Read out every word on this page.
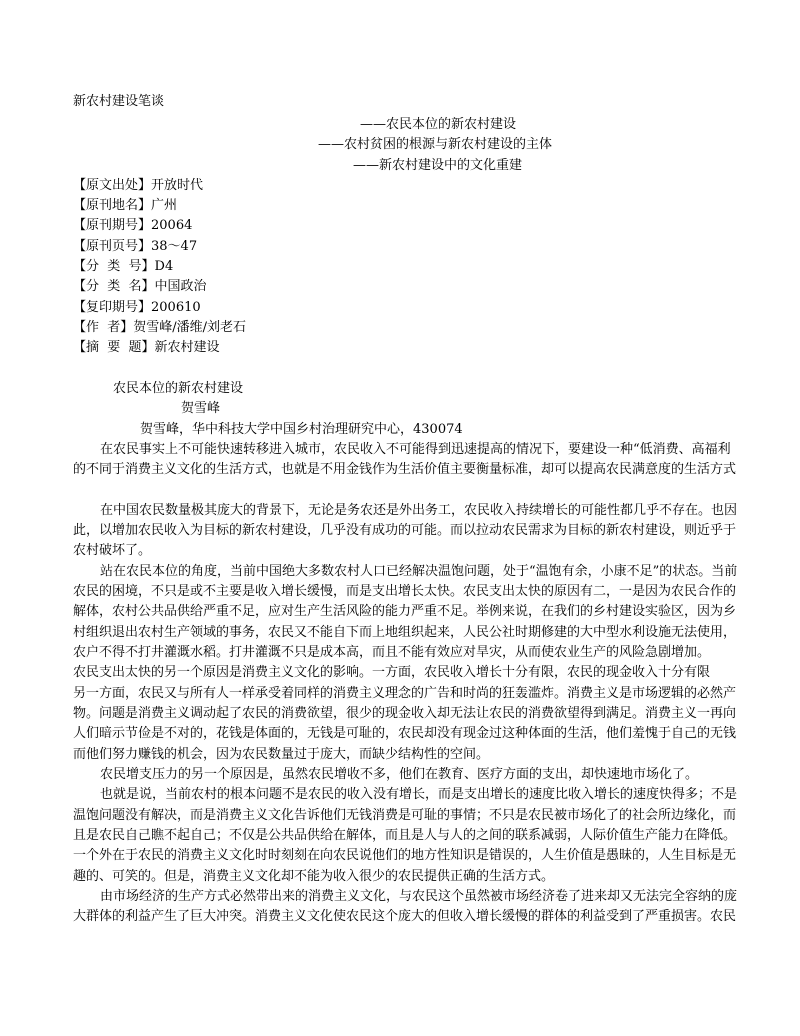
新农村建设笔谈
——农民本位的新农村建设
——农村贫困的根源与新农村建设的主体
——新农村建设中的文化重建
【原文出处】开放时代
【原刊地名】广州
【原刊期号】20064
【原刊页号】38～47
【分  类  号】D4
【分  类  名】中国政治
【复印期号】200610
【作  者】贺雪峰/潘维/刘老石
【摘  要  题】新农村建设
农民本位的新农村建设
贺雪峰
贺雪峰，华中科技大学中国乡村治理研究中心，430074
在农民事实上不可能快速转移进入城市，农民收入不可能得到迅速提高的情况下，要建设一种“低消费、高福利
的不同于消费主义文化的生活方式，也就是不用金钱作为生活价值主要衡量标准，却可以提高农民满意度的生活方式
在中国农民数量极其庞大的背景下，无论是务农还是外出务工，农民收入持续增长的可能性都几乎不存在。也因
此，以增加农民收入为目标的新农村建设，几乎没有成功的可能。而以拉动农民需求为目标的新农村建设，则近乎于
农村破坏了。
站在农民本位的角度，当前中国绝大多数农村人口已经解决温饱问题，处于“温饱有余，小康不足”的状态。当前
农民的困境，不只是或不主要是收入增长缓慢，而是支出增长太快。农民支出太快的原因有二，一是因为农民合作的
解体，农村公共品供给严重不足，应对生产生活风险的能力严重不足。举例来说，在我们的乡村建设实验区，因为乡
村组织退出农村生产领域的事务，农民又不能自下而上地组织起来，人民公社时期修建的大中型水利设施无法使用，
农户不得不打井灌溉水稻。打井灌溉不只是成本高，而且不能有效应对旱灾，从而使农业生产的风险急剧增加。
农民支出太快的另一个原因是消费主义文化的影响。一方面，农民收入增长十分有限，农民的现金收入十分有限
另一方面，农民又与所有人一样承受着同样的消费主义理念的广告和时尚的狂轰滥炸。消费主义是市场逻辑的必然产
物。问题是消费主义调动起了农民的消费欲望，很少的现金收入却无法让农民的消费欲望得到满足。消费主义一再向
人们暗示节俭是不对的，花钱是体面的，无钱是可耻的，农民却没有现金过这种体面的生活，他们羞愧于自己的无钱
而他们努力赚钱的机会，因为农民数量过于庞大，而缺少结构性的空间。
农民增支压力的另一个原因是，虽然农民增收不多，他们在教育、医疗方面的支出，却快速地市场化了。
也就是说，当前农村的根本问题不是农民的收入没有增长，而是支出增长的速度比收入增长的速度快得多；不是
温饱问题没有解决，而是消费主义文化告诉他们无钱消费是可耻的事情；不只是农民被市场化了的社会所边缘化，而
且是农民自己瞧不起自己；不仅是公共品供给在解体，而且是人与人的之间的联系减弱，人际价值生产能力在降低。
一个外在于农民的消费主义文化时时刻刻在向农民说他们的地方性知识是错误的，人生价值是愚昧的，人生目标是无
趣的、可笑的。但是，消费主义文化却不能为收入很少的农民提供正确的生活方式。
由市场经济的生产方式必然带出来的消费主义文化，与农民这个虽然被市场经济卷了进来却又无法完全容纳的庞
大群体的利益产生了巨大冲突。消费主义文化使农民这个庞大的但收入增长缓慢的群体的利益受到了严重损害。农民
